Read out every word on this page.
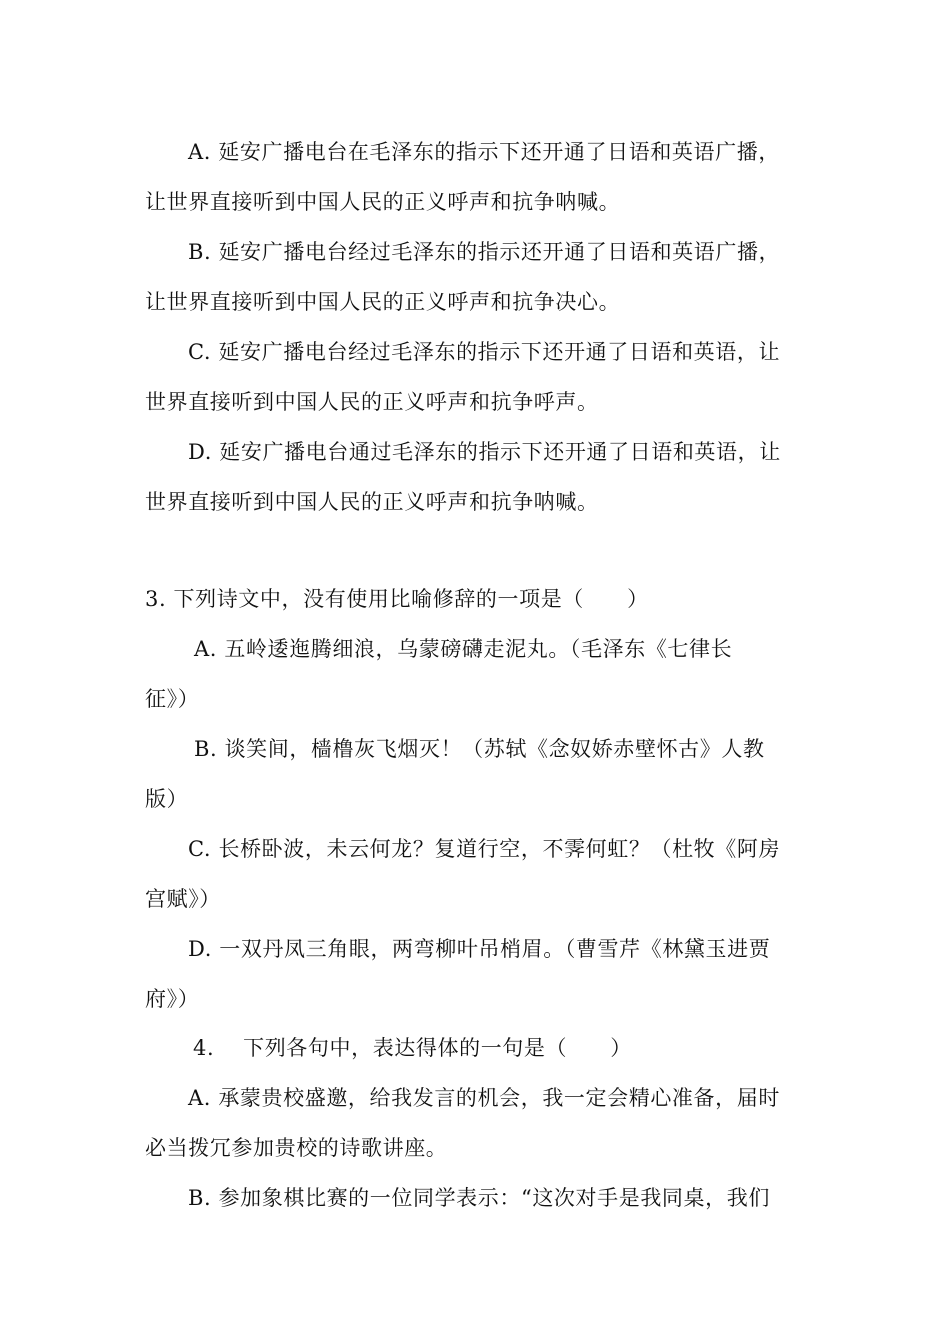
A. 延安广播电台在毛泽东的指示下还开通了日语和英语广播，
让世界直接听到中国人民的正义呼声和抗争呐喊。
B. 延安广播电台经过毛泽东的指示还开通了日语和英语广播，
让世界直接听到中国人民的正义呼声和抗争决心。
C. 延安广播电台经过毛泽东的指示下还开通了日语和英语，让
世界直接听到中国人民的正义呼声和抗争呼声。
D. 延安广播电台通过毛泽东的指示下还开通了日语和英语，让
世界直接听到中国人民的正义呼声和抗争呐喊。
3. 下列诗文中，没有使用比喻修辞的一项是（　　）
A. 五岭逶迤腾细浪，乌蒙磅礴走泥丸。（毛泽东《七律长
征》）
B. 谈笑间，樯橹灰飞烟灭！（苏轼《念奴娇赤壁怀古》人教
版）
C. 长桥卧波，未云何龙？复道行空，不霁何虹？（杜牧《阿房
宫赋》）
D. 一双丹凤三角眼，两弯柳叶吊梢眉。（曹雪芹《林黛玉进贾
府》）
4.　 下列各句中，表达得体的一句是（　　）
A. 承蒙贵校盛邀，给我发言的机会，我一定会精心准备，届时
必当拨冗参加贵校的诗歌讲座。
B. 参加象棋比赛的一位同学表示：“这次对手是我同桌，我们
